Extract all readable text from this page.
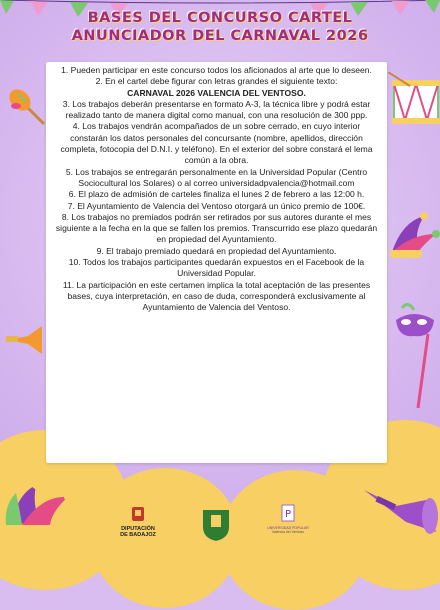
BASES DEL CONCURSO CARTEL
ANUNCIADOR DEL CARNAVAL 2026

1. Pueden participar en este concurso todos los aficionados al arte que lo deseen.

2. En el cartel debe figurar con letras grandes el siguiente texto:

CARNAVAL 2026 VALENCIA DEL VENTOSO.

3. Los trabajos deberán presentarse en formato A-3, la técnica libre y podrá estar realizado tanto de manera digital como manual, con una resolución de 300 ppp.

4. Los trabajos vendrán acompañados de un sobre cerrado, en cuyo interior constarán los datos personales del concursante (nombre, apellidos, dirección completa, fotocopia del D.N.I. y teléfono). En el exterior del sobre constará el lema común a la obra.

5. Los trabajos se entregarán personalmente en la Universidad Popular (Centro Sociocultural los Solares) o al correo universidadpvalencia@hotmail.com

6. El plazo de admisión de carteles finaliza el lunes 2 de febrero a las 12:00 h.

7. El Ayuntamiento de Valencia del Ventoso otorgará un único premio de 100€.

8. Los trabajos no premiados podrán ser retirados por sus autores durante el mes siguiente a la fecha en la que se fallen los premios. Transcurrido ese plazo quedarán en propiedad del Ayuntamiento.

9. El trabajo premiado quedará en propiedad del Ayuntamiento.

10. Todos los trabajos participantes quedarán expuestos en el Facebook de la Universidad Popular.

11. La participación en este certamen implica la total aceptación de las presentes bases, cuya interpretación, en caso de duda, corresponderá exclusivamente al Ayuntamiento de Valencia del Ventoso.

DIPUTACIÓN
DE BADAJOZ
P
UNIVERSIDAD POPULAR
Valencia del Ventoso
